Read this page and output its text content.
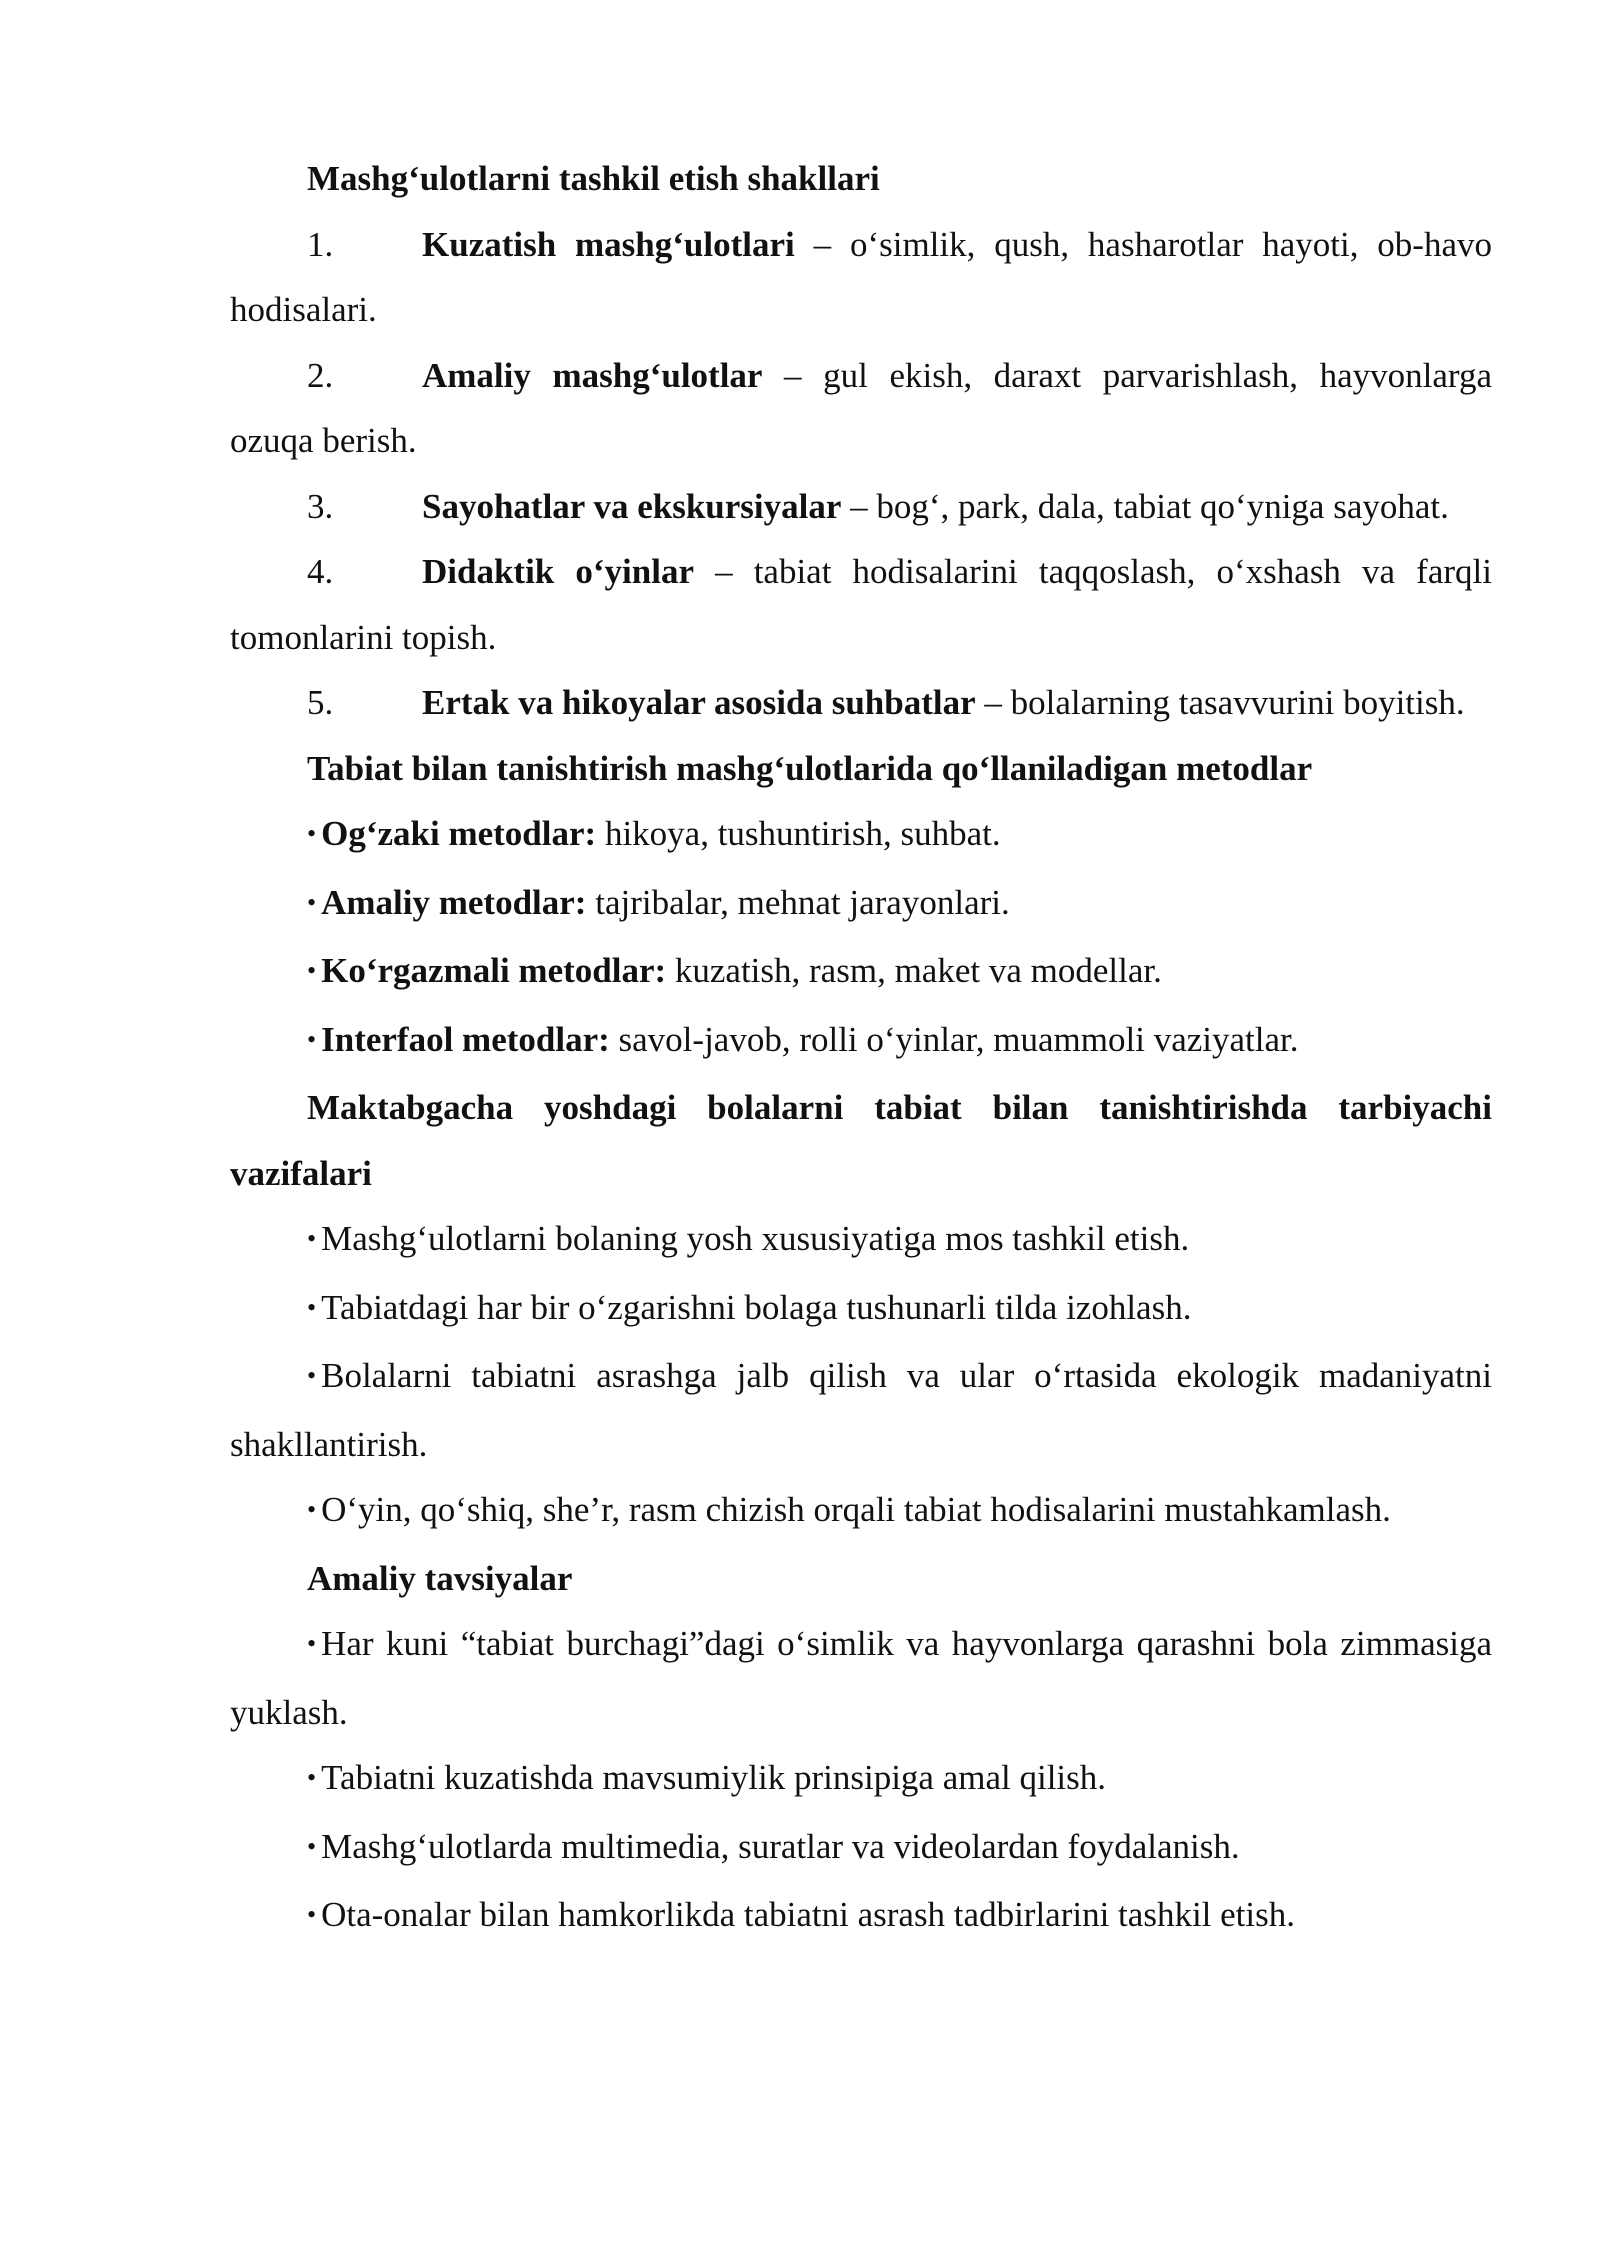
Mashg‘ulotlarni tashkil etish shakllari

1.	Kuzatish mashg‘ulotlari – o‘simlik, qush, hasharotlar hayoti, ob-havo hodisalari.

2.	Amaliy mashg‘ulotlar – gul ekish, daraxt parvarishlash, hayvonlarga ozuqa berish.

3.	Sayohatlar va ekskursiyalar – bog‘, park, dala, tabiat qo‘yniga sayohat.

4.	Didaktik o‘yinlar – tabiat hodisalarini taqqoslash, o‘xshash va farqli tomonlarini topish.

5.	Ertak va hikoyalar asosida suhbatlar – bolalarning tasavvurini boyitish.

Tabiat bilan tanishtirish mashg‘ulotlarida qo‘llaniladigan metodlar

• Og‘zaki metodlar: hikoya, tushuntirish, suhbat.

• Amaliy metodlar: tajribalar, mehnat jarayonlari.

• Ko‘rgazmali metodlar: kuzatish, rasm, maket va modellar.

• Interfaol metodlar: savol-javob, rolli o‘yinlar, muammoli vaziyatlar.

Maktabgacha yoshdagi bolalarni tabiat bilan tanishtirishda tarbiyachi vazifalari

• Mashg‘ulotlarni bolaning yosh xususiyatiga mos tashkil etish.

• Tabiatdagi har bir o‘zgarishni bolaga tushunarli tilda izohlash.

• Bolalarni tabiatni asrashga jalb qilish va ular o‘rtasida ekologik madaniyatni shakllantirish.

• O‘yin, qo‘shiq, she’r, rasm chizish orqali tabiat hodisalarini mustahkamlash.

Amaliy tavsiyalar

• Har kuni “tabiat burchagi”dagi o‘simlik va hayvonlarga qarashni bola zimmasiga yuklash.

• Tabiatni kuzatishda mavsumiylik prinsipiga amal qilish.

• Mashg‘ulotlarda multimedia, suratlar va videolardan foydalanish.

• Ota-onalar bilan hamkorlikda tabiatni asrash tadbirlarini tashkil etish.
